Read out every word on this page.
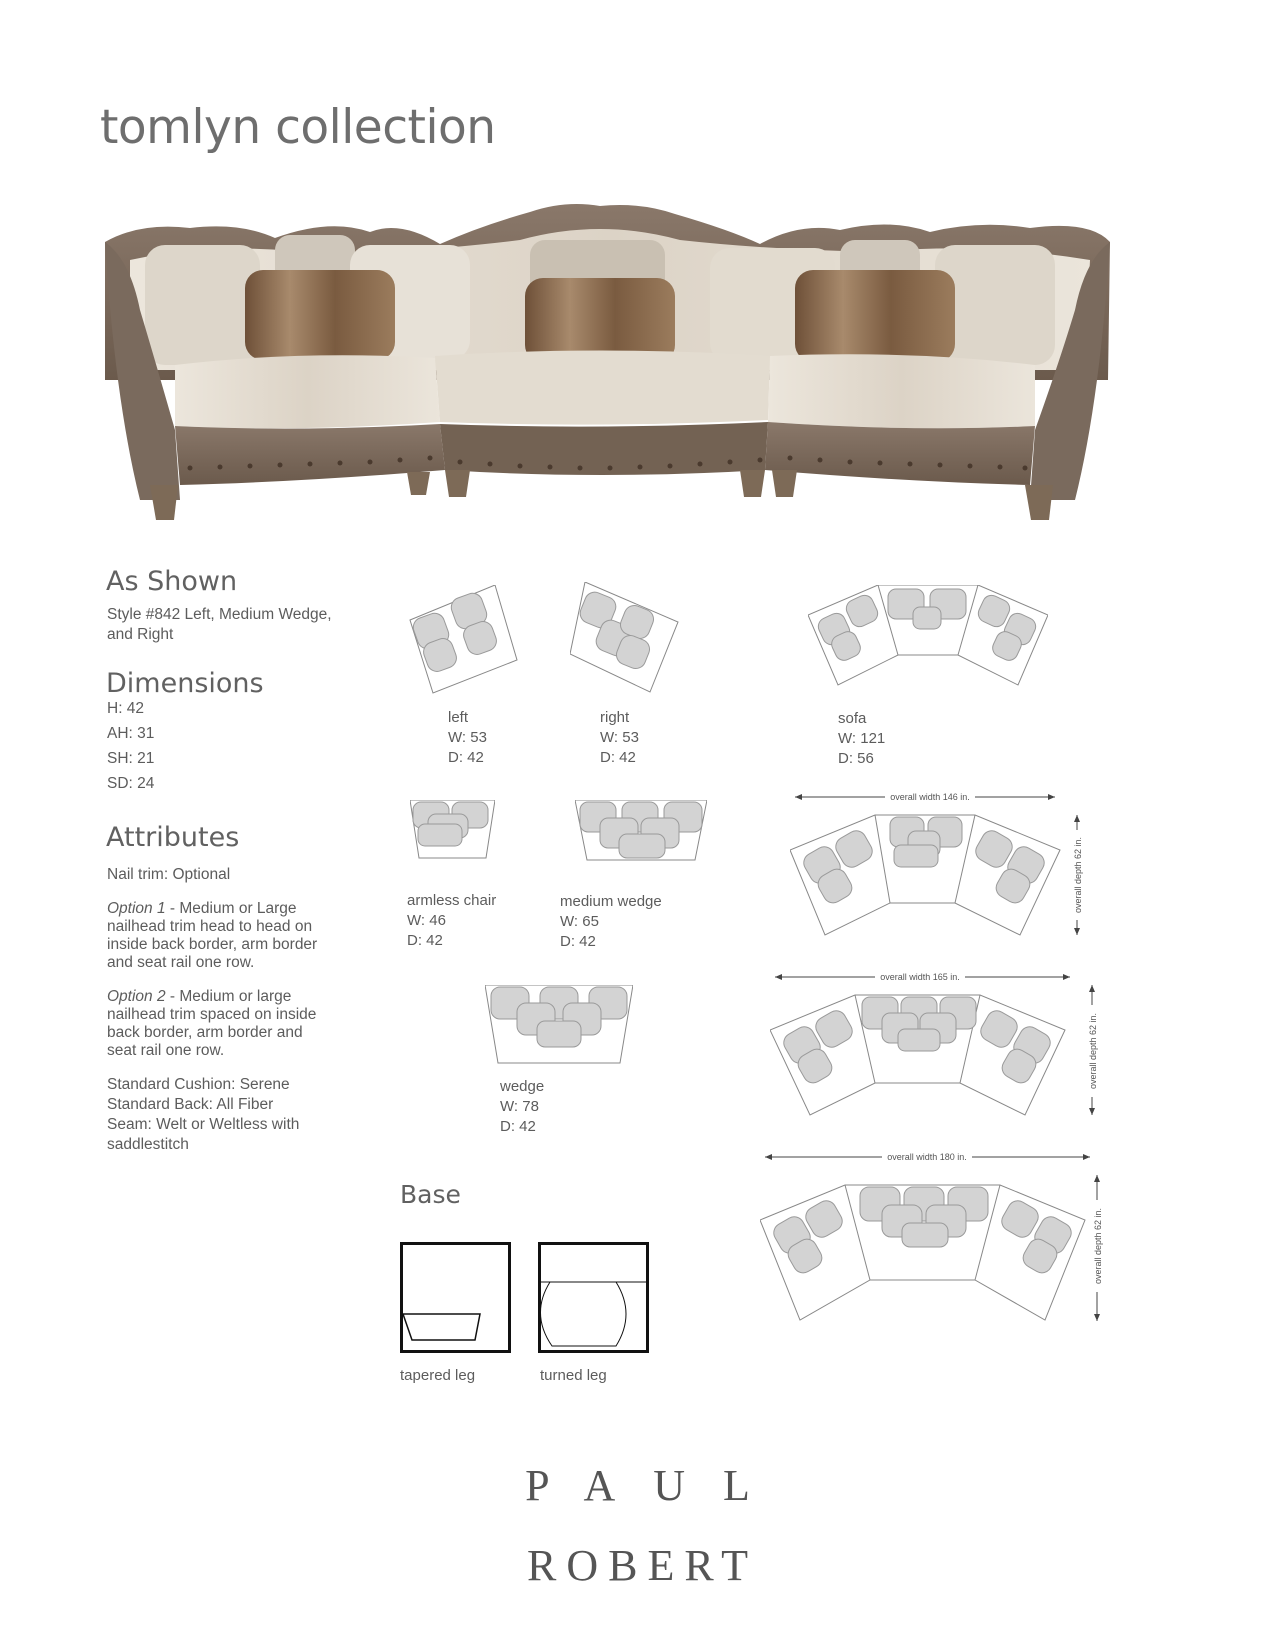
tomlyn collection
As Shown
Style #842 Left, Medium Wedge,
and Right
Dimensions
H: 42
AH: 31
SH: 21
SD: 24
Attributes
Nail trim: Optional
Option 1 - Medium or Large
nailhead trim head to head on
inside back border, arm border
and seat rail one row.
Option 2 - Medium or large
nailhead trim spaced on inside
back border, arm border and
seat rail one row.
Standard Cushion: Serene
Standard Back: All Fiber
Seam: Welt or Weltless with
saddlestitch
left
W: 53
D: 42
right
W: 53
D: 42
sofa
W: 121
D: 56
armless chair
W: 46
D: 42
medium wedge
W: 65
D: 42
wedge
W: 78
D: 42
overall width 146 in.
overall depth 62 in.
overall width 165 in.
overall depth 62 in.
overall width 180 in.
overall depth 62 in.
Base
tapered leg	turned leg
PAUL
ROBERT
